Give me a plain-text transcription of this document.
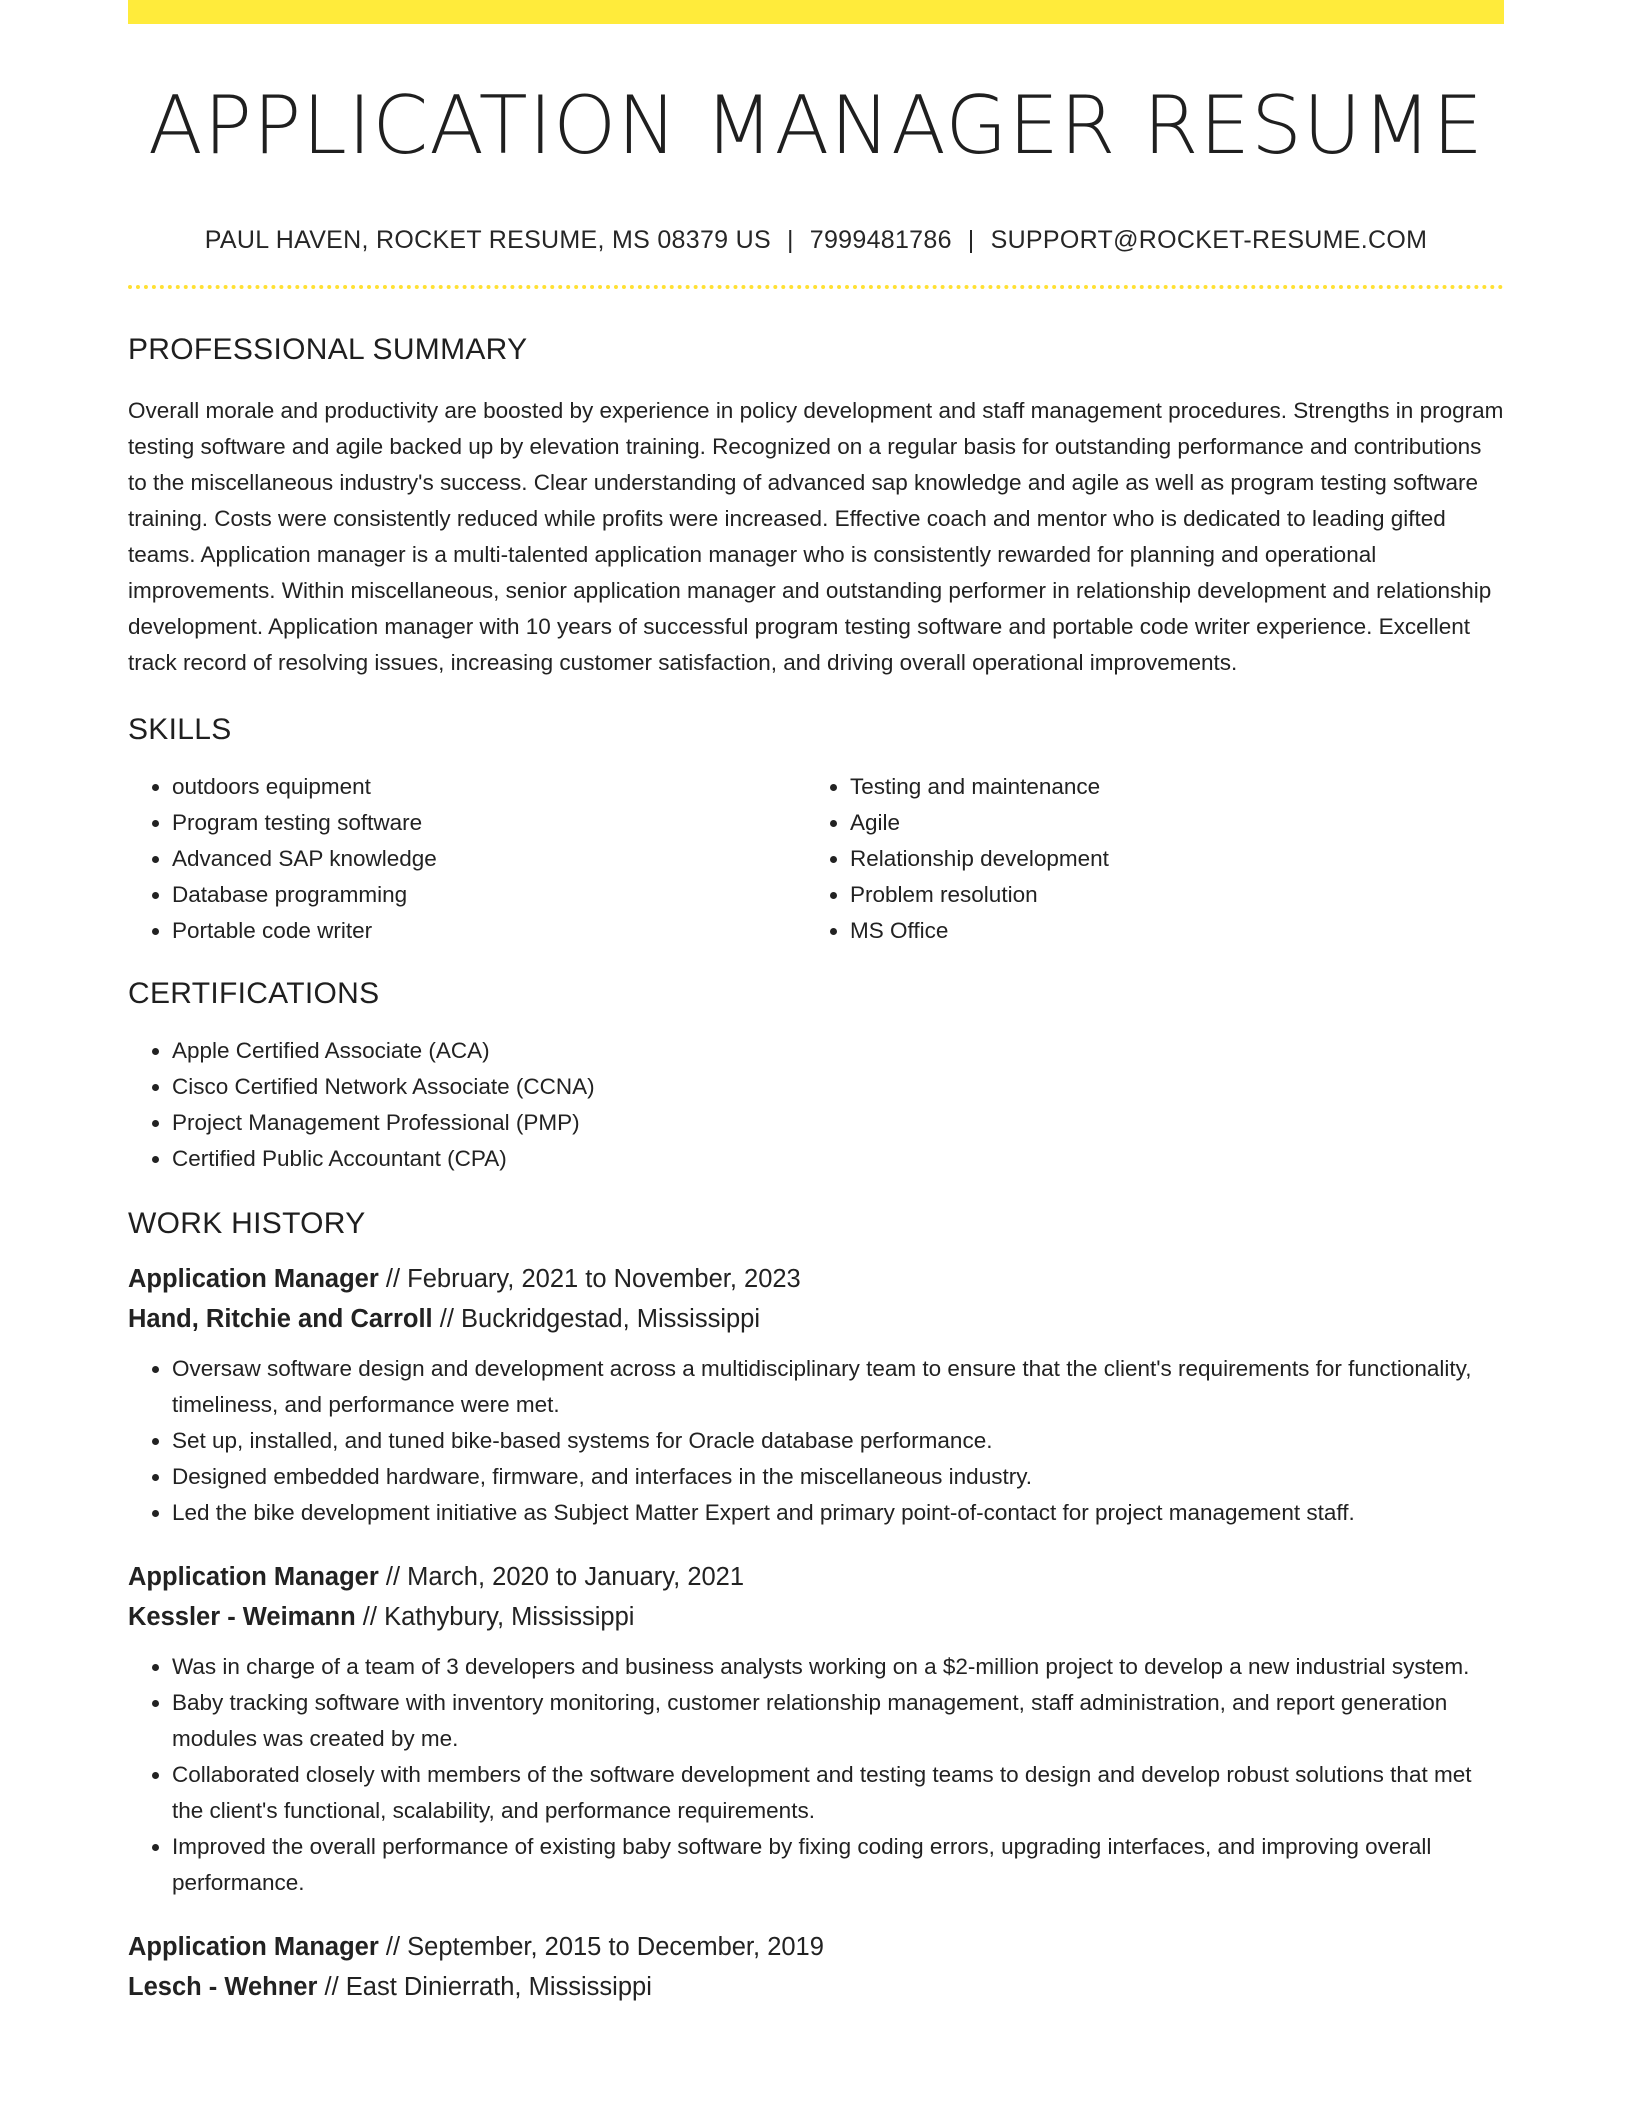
APPLICATION MANAGER RESUME
PAUL HAVEN, ROCKET RESUME, MS 08379 US | 7999481786 | SUPPORT@ROCKET-RESUME.COM
PROFESSIONAL SUMMARY

Overall morale and productivity are boosted by experience in policy development and staff management procedures. Strengths in program testing software and agile backed up by elevation training. Recognized on a regular basis for outstanding performance and contributions to the miscellaneous industry's success. Clear understanding of advanced sap knowledge and agile as well as program testing software training. Costs were consistently reduced while profits were increased. Effective coach and mentor who is dedicated to leading gifted teams. Application manager is a multi-talented application manager who is consistently rewarded for planning and operational improvements. Within miscellaneous, senior application manager and outstanding performer in relationship development and relationship development. Application manager with 10 years of successful program testing software and portable code writer experience. Excellent track record of resolving issues, increasing customer satisfaction, and driving overall operational improvements.

SKILLS
• outdoors equipment
• Program testing software
• Advanced SAP knowledge
• Database programming
• Portable code writer
• Testing and maintenance
• Agile
• Relationship development
• Problem resolution
• MS Office
CERTIFICATIONS
• Apple Certified Associate (ACA)
• Cisco Certified Network Associate (CCNA)
• Project Management Professional (PMP)
• Certified Public Accountant (CPA)
WORK HISTORY
Application Manager // February, 2021 to November, 2023
Hand, Ritchie and Carroll // Buckridgestad, Mississippi
• Oversaw software design and development across a multidisciplinary team to ensure that the client's requirements for functionality, timeliness, and performance were met.
• Set up, installed, and tuned bike-based systems for Oracle database performance.
• Designed embedded hardware, firmware, and interfaces in the miscellaneous industry.
• Led the bike development initiative as Subject Matter Expert and primary point-of-contact for project management staff.
Application Manager // March, 2020 to January, 2021
Kessler - Weimann // Kathybury, Mississippi
• Was in charge of a team of 3 developers and business analysts working on a $2-million project to develop a new industrial system.
• Baby tracking software with inventory monitoring, customer relationship management, staff administration, and report generation modules was created by me.
• Collaborated closely with members of the software development and testing teams to design and develop robust solutions that met the client's functional, scalability, and performance requirements.
• Improved the overall performance of existing baby software by fixing coding errors, upgrading interfaces, and improving overall performance.
Application Manager // September, 2015 to December, 2019
Lesch - Wehner // East Dinierrath, Mississippi
